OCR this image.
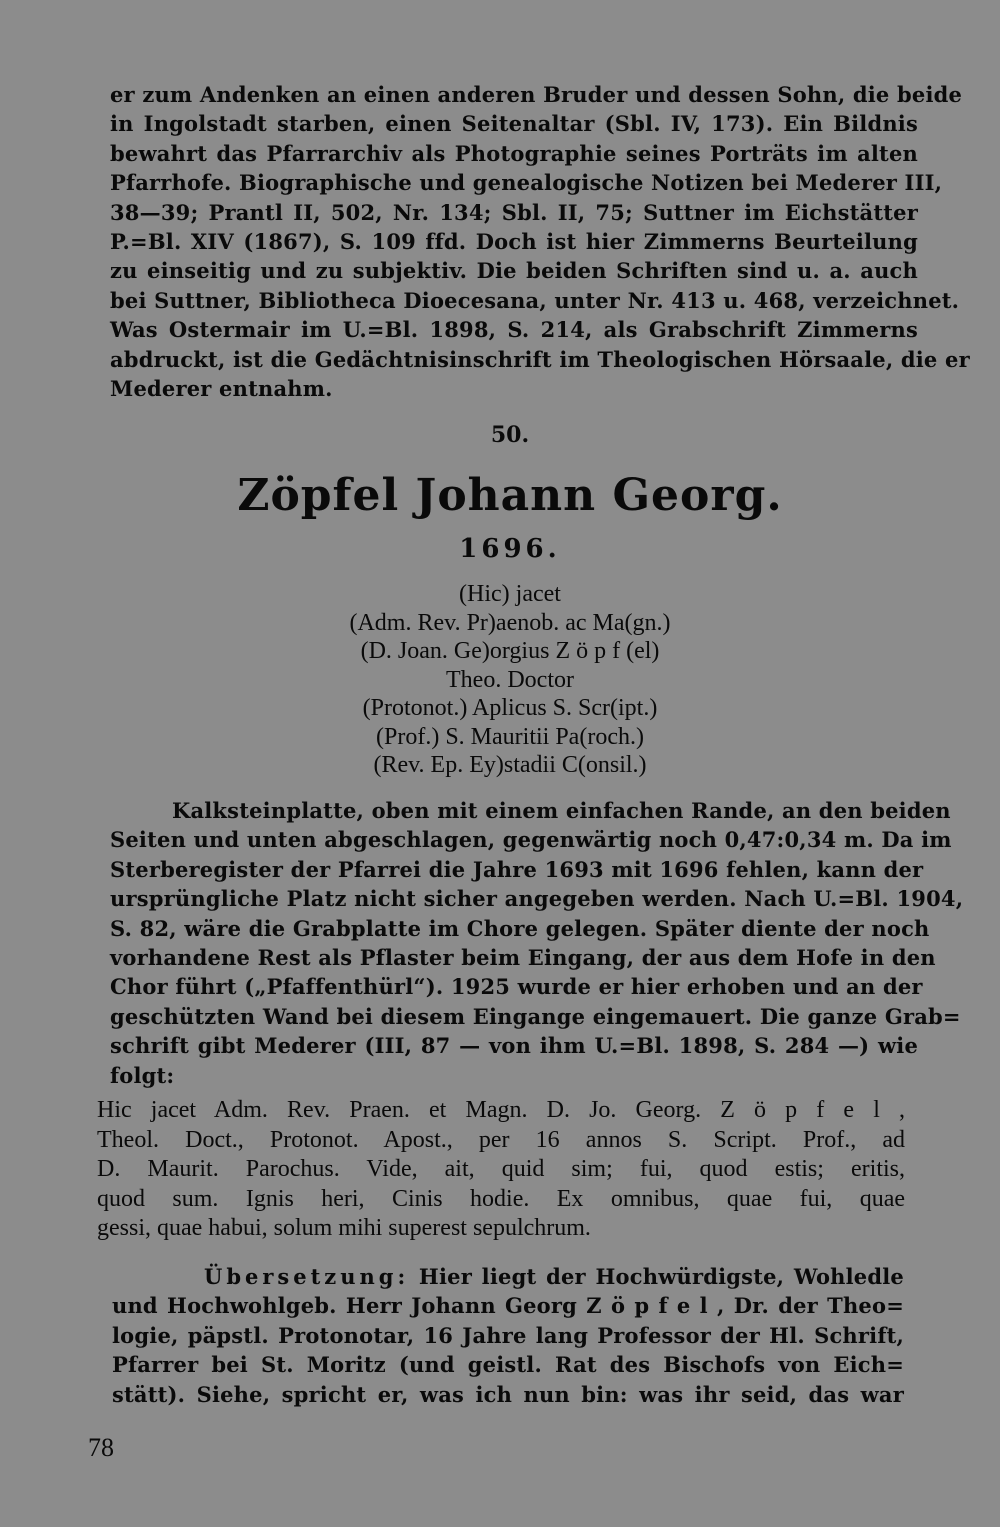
er zum Andenken an einen anderen Bruder und dessen Sohn, die beide
in Ingolstadt starben, einen Seitenaltar (Sbl. IV, 173). Ein Bildnis
bewahrt das Pfarrarchiv als Photographie seines Porträts im alten
Pfarrhofe. Biographische und genealogische Notizen bei Mederer III,
38—39; Prantl II, 502, Nr. 134; Sbl. II, 75; Suttner im Eichstätter
P.=Bl. XIV (1867), S. 109 ffd. Doch ist hier Zimmerns Beurteilung
zu einseitig und zu subjektiv. Die beiden Schriften sind u. a. auch
bei Suttner, Bibliotheca Dioecesana, unter Nr. 413 u. 468, verzeichnet.
Was Ostermair im U.=Bl. 1898, S. 214, als Grabschrift Zimmerns
abdruckt, ist die Gedächtnisinschrift im Theologischen Hörsaale, die er
Mederer entnahm.
50.
Zöpfel Johann Georg.
1696.
(Hic) jacet
(Adm. Rev. Pr)aenob. ac Ma(gn.)
(D. Joan. Ge)orgius Z ö p f (el)
Theo. Doctor
(Protonot.) Aplicus S. Scr(ipt.)
(Prof.) S. Mauritii Pa(roch.)
(Rev. Ep. Ey)stadii C(onsil.)
Kalksteinplatte, oben mit einem einfachen Rande, an den beiden
Seiten und unten abgeschlagen, gegenwärtig noch 0,47:0,34 m. Da im
Sterberegister der Pfarrei die Jahre 1693 mit 1696 fehlen, kann der
ursprüngliche Platz nicht sicher angegeben werden. Nach U.=Bl. 1904,
S. 82, wäre die Grabplatte im Chore gelegen. Später diente der noch
vorhandene Rest als Pflaster beim Eingang, der aus dem Hofe in den
Chor führt („Pfaffenthürl“). 1925 wurde er hier erhoben und an der
geschützten Wand bei diesem Eingange eingemauert. Die ganze Grab=
schrift gibt Mederer (III, 87 — von ihm U.=Bl. 1898, S. 284 —) wie
folgt:
Hic jacet Adm. Rev. Praen. et Magn. D. Jo. Georg. Z ö p f e l ,
Theol. Doct., Protonot. Apost., per 16 annos S. Script. Prof., ad
D. Maurit. Parochus. Vide, ait, quid sim; fui, quod estis; eritis,
quod sum. Ignis heri, Cinis hodie. Ex omnibus, quae fui, quae
gessi, quae habui, solum mihi superest sepulchrum.
Übersetzung: Hier liegt der Hochwürdigste, Wohledle
und Hochwohlgeb. Herr Johann Georg Z ö p f e l , Dr. der Theo=
logie, päpstl. Protonotar, 16 Jahre lang Professor der Hl. Schrift,
Pfarrer bei St. Moritz (und geistl. Rat des Bischofs von Eich=
stätt). Siehe, spricht er, was ich nun bin: was ihr seid, das war
78
